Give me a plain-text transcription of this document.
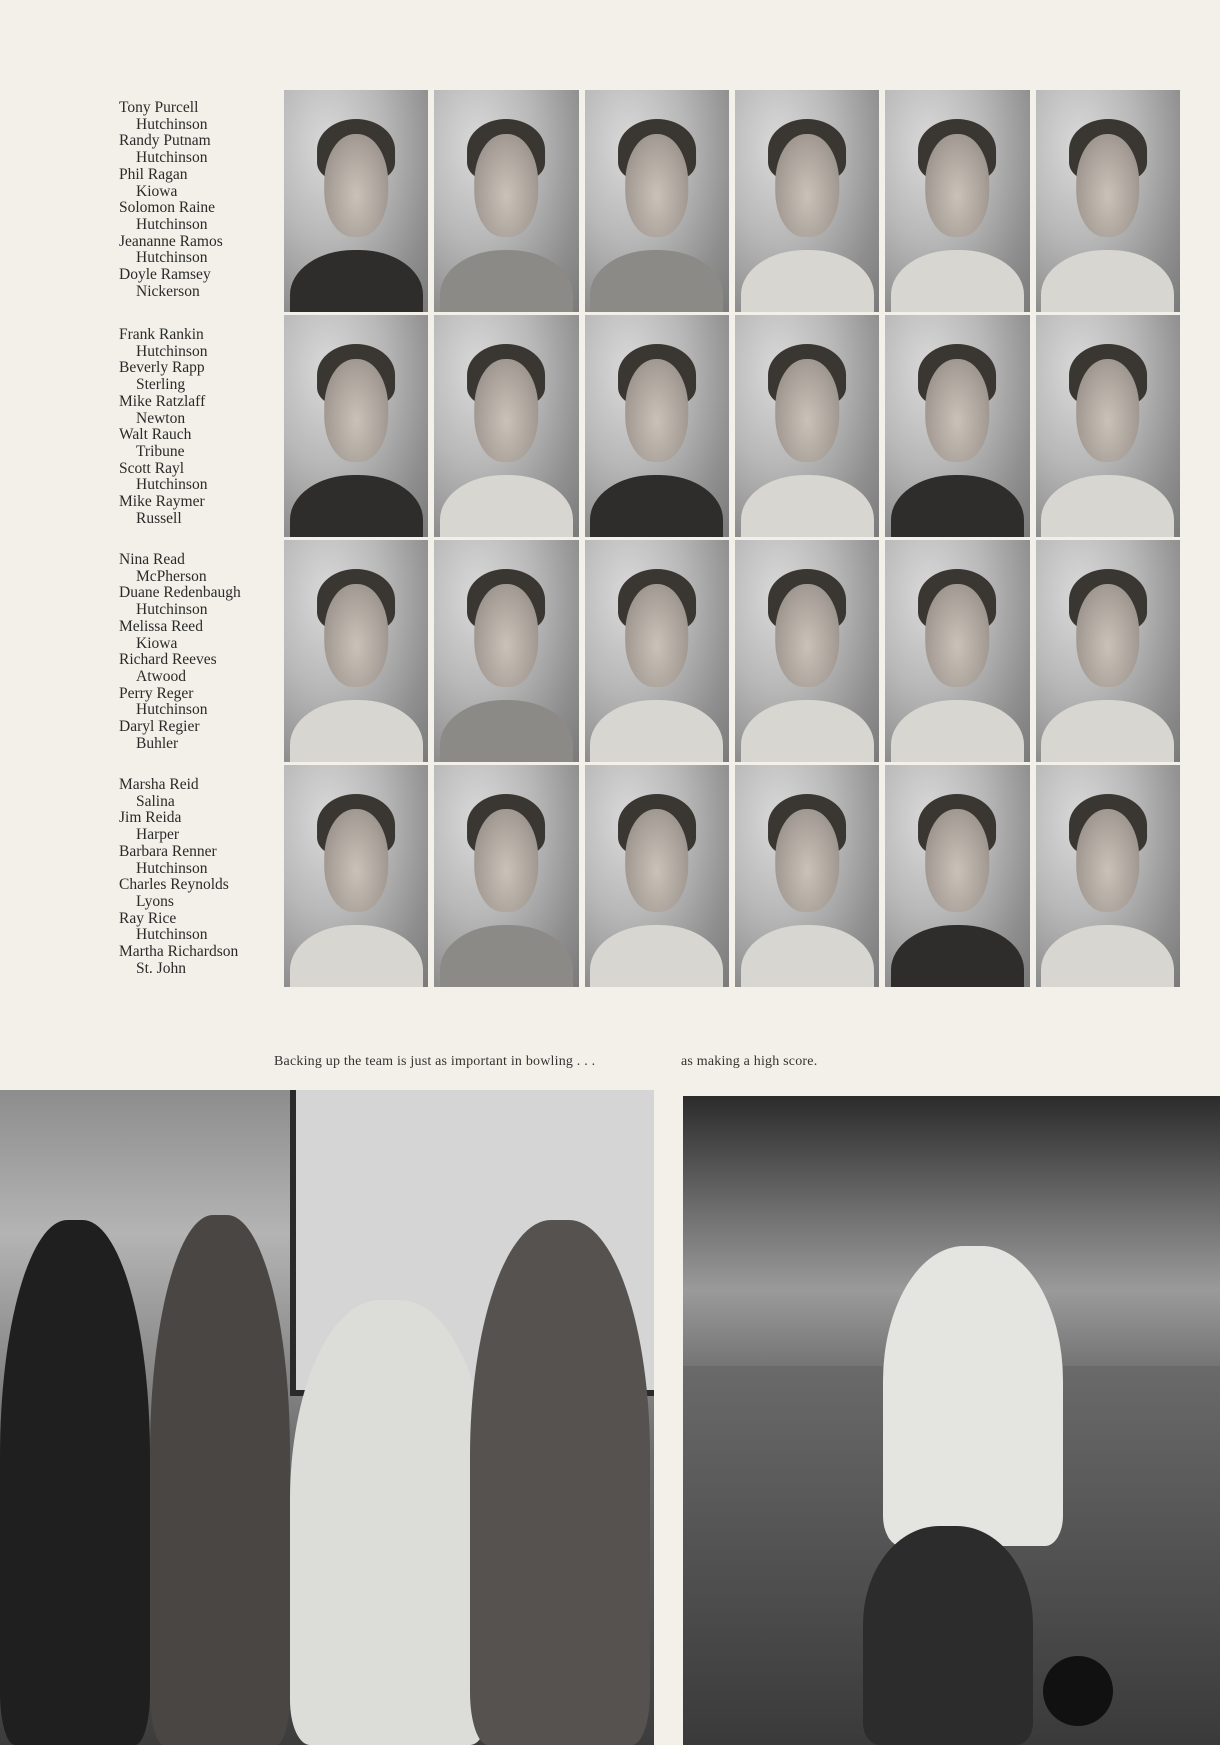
Tony Purcell
Hutchinson
Randy Putnam
Hutchinson
Phil Ragan
Kiowa
Solomon Raine
Hutchinson
Jeananne Ramos
Hutchinson
Doyle Ramsey
Nickerson
Frank Rankin
Hutchinson
Beverly Rapp
Sterling
Mike Ratzlaff
Newton
Walt Rauch
Tribune
Scott Rayl
Hutchinson
Mike Raymer
Russell
Nina Read
McPherson
Duane Redenbaugh
Hutchinson
Melissa Reed
Kiowa
Richard Reeves
Atwood
Perry Reger
Hutchinson
Daryl Regier
Buhler
Marsha Reid
Salina
Jim Reida
Harper
Barbara Renner
Hutchinson
Charles Reynolds
Lyons
Ray Rice
Hutchinson
Martha Richardson
St. John
Backing up the team is just as important in bowling . . .	as making a high score.
